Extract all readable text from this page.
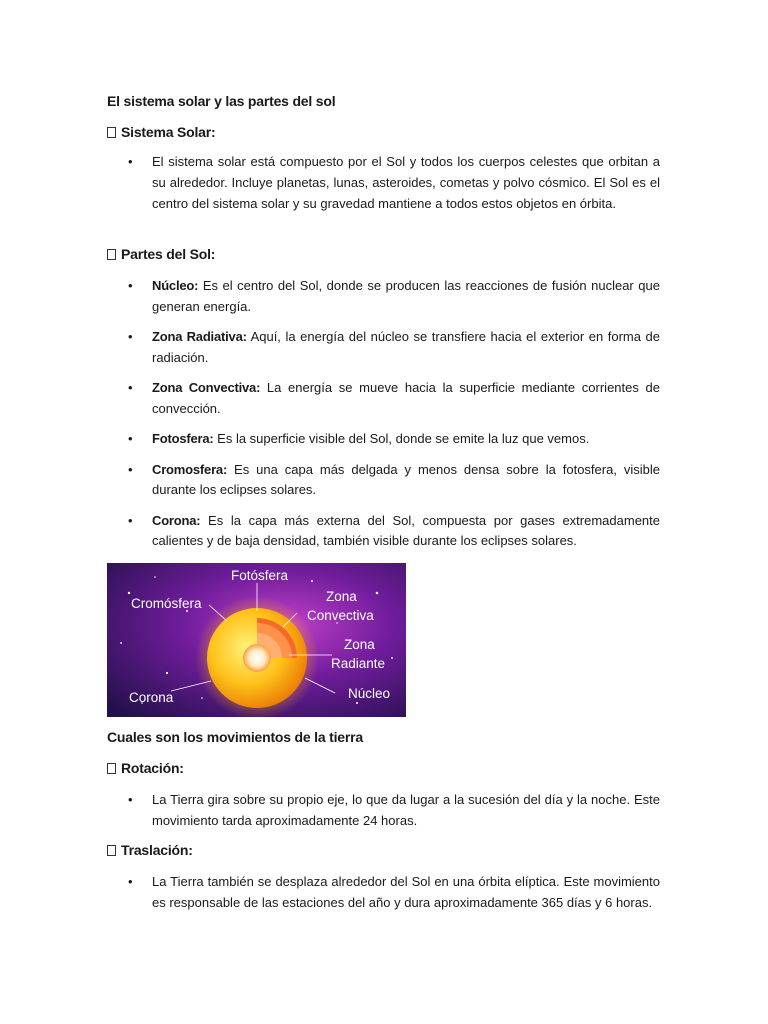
El sistema solar y las partes del sol
Sistema Solar:
• El sistema solar está compuesto por el Sol y todos los cuerpos celestes que orbitan a su alrededor. Incluye planetas, lunas, asteroides, cometas y polvo cósmico. El Sol es el centro del sistema solar y su gravedad mantiene a todos estos objetos en órbita.
Partes del Sol:
• Núcleo: Es el centro del Sol, donde se producen las reacciones de fusión nuclear que generan energía.
• Zona Radiativa: Aquí, la energía del núcleo se transfiere hacia el exterior en forma de radiación.
• Zona Convectiva: La energía se mueve hacia la superficie mediante corrientes de convección.
• Fotosfera: Es la superficie visible del Sol, donde se emite la luz que vemos.
• Cromosfera: Es una capa más delgada y menos densa sobre la fotosfera, visible durante los eclipses solares.
• Corona: Es la capa más externa del Sol, compuesta por gases extremadamente calientes y de baja densidad, también visible durante los eclipses solares.
Fotósfera
Cromósfera	Zona
Convectiva
Zona
Radiante
Corona	Núcleo
Cuales son los movimientos de la tierra
Rotación:
• La Tierra gira sobre su propio eje, lo que da lugar a la sucesión del día y la noche. Este movimiento tarda aproximadamente 24 horas.
Traslación:
• La Tierra también se desplaza alrededor del Sol en una órbita elíptica. Este movimiento es responsable de las estaciones del año y dura aproximadamente 365 días y 6 horas.
